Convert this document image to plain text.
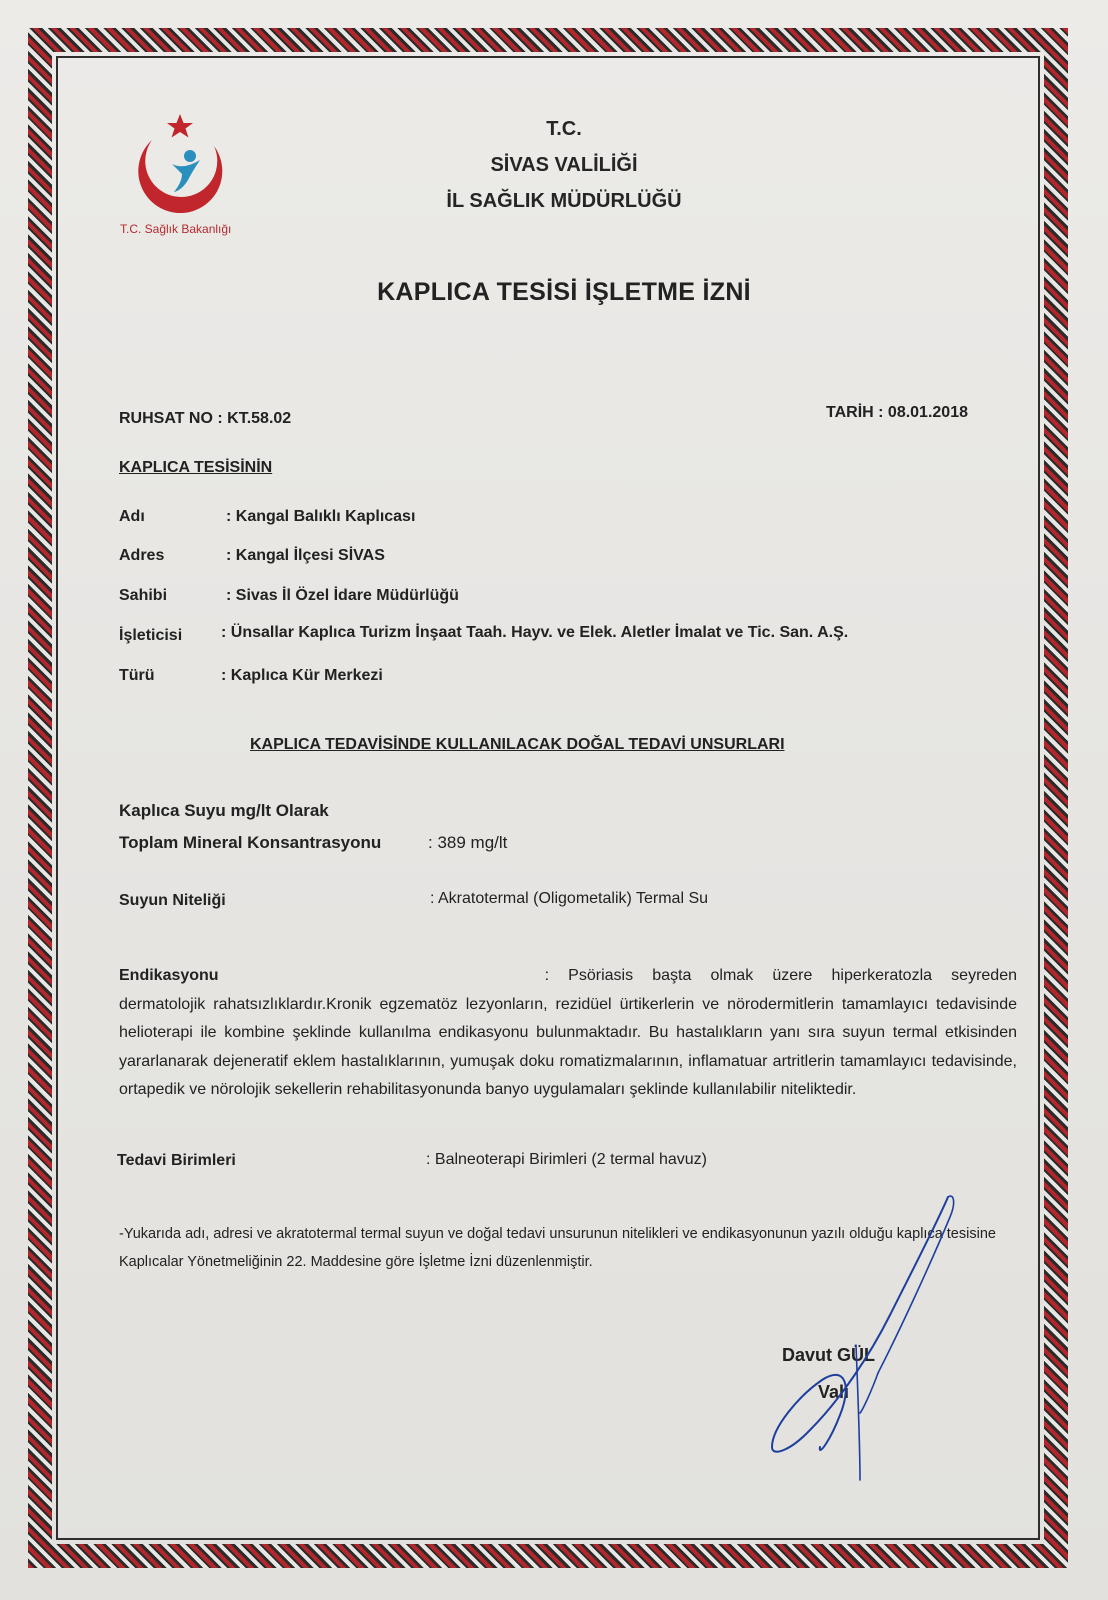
T.C. Sağlık Bakanlığı
T.C.
SİVAS VALİLİĞİ
İL SAĞLIK MÜDÜRLÜĞÜ
KAPLICA TESİSİ İŞLETME İZNİ
RUHSAT NO : KT.58.02	TARİH : 08.01.2018
KAPLICA TESİSİNİN
Adı	: Kangal Balıklı Kaplıcası
Adres	: Kangal İlçesi SİVAS
Sahibi	: Sivas İl Özel İdare Müdürlüğü
İşleticisi : Ünsallar Kaplıca Turizm İnşaat Taah. Hayv. ve Elek. Aletler İmalat ve Tic. San. A.Ş.
Türü	: Kaplıca Kür Merkezi
KAPLICA TEDAVİSİNDE KULLANILACAK DOĞAL TEDAVİ UNSURLARI
Kaplıca Suyu mg/lt Olarak
Toplam Mineral Konsantrasyonu	: 389 mg/lt
Suyun Niteliği	: Akratotermal (Oligometalik) Termal Su
Endikasyonu	: Psöriasis başta olmak üzere hiperkeratozla seyreden dermatolojik rahatsızlıklardır.Kronik egzematöz lezyonların, rezidüel ürtikerlerin ve nörodermitlerin tamamlayıcı tedavisinde helioterapi ile kombine şeklinde kullanılma endikasyonu bulunmaktadır. Bu hastalıkların yanı sıra suyun termal etkisinden yararlanarak dejeneratif eklem hastalıklarının, yumuşak doku romatizmalarının, inflamatuar artritlerin tamamlayıcı tedavisinde, ortapedik ve nörolojik sekellerin rehabilitasyonunda banyo uygulamaları şeklinde kullanılabilir niteliktedir.
Tedavi Birimleri	: Balneoterapi Birimleri (2 termal havuz)
-Yukarıda adı, adresi ve akratotermal termal suyun ve doğal tedavi unsurunun nitelikleri ve endikasyonunun yazılı olduğu kaplıca tesisine Kaplıcalar Yönetmeliğinin 22. Maddesine göre İşletme İzni düzenlenmiştir.
Davut GÜL
Vali
